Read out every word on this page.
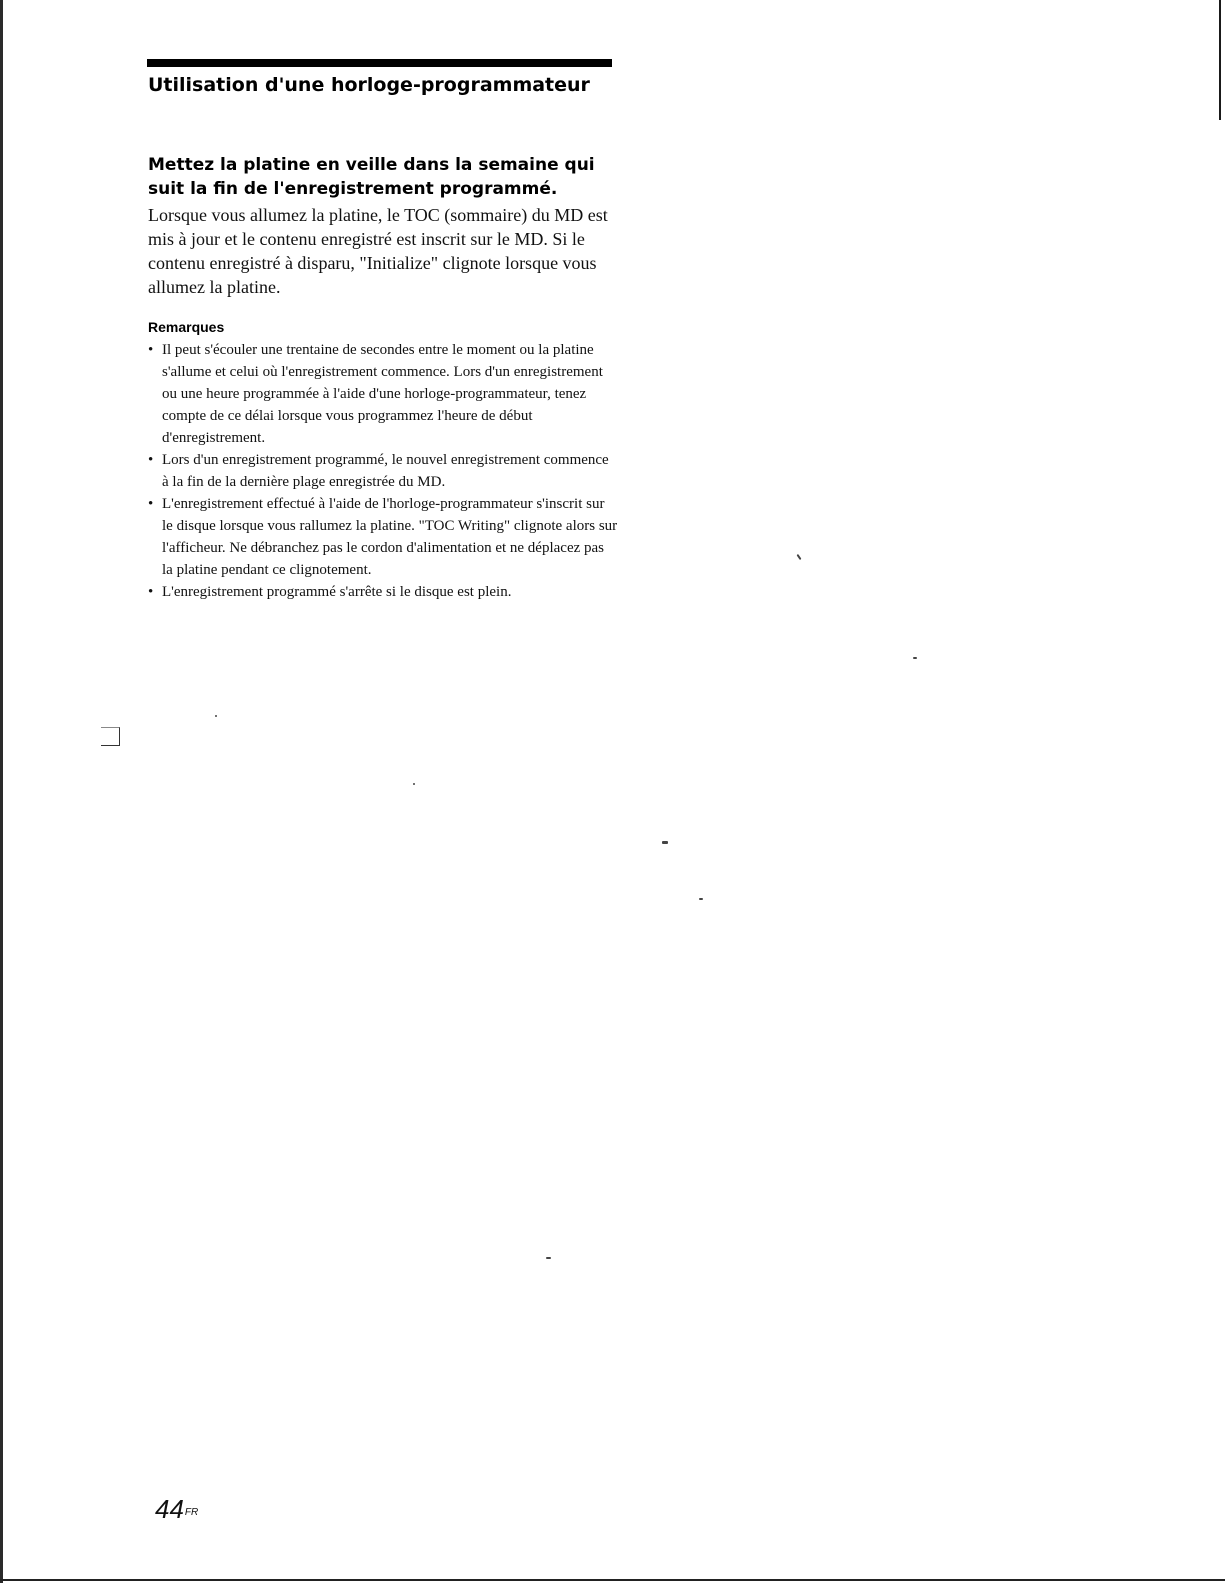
Utilisation d'une horloge-programmateur
Mettez la platine en veille dans la semaine qui suit la fin de l'enregistrement programmé.

Lorsque vous allumez la platine, le TOC (sommaire) du MD est mis à jour et le contenu enregistré est inscrit sur le MD. Si le contenu enregistré à disparu, "Initialize" clignote lorsque vous allumez la platine.

Remarques
• Il peut s'écouler une trentaine de secondes entre le moment ou la platine s'allume et celui où l'enregistrement commence. Lors d'un enregistrement ou une heure programmée à l'aide d'une horloge-programmateur, tenez compte de ce délai lorsque vous programmez l'heure de début d'enregistrement.
• Lors d'un enregistrement programmé, le nouvel enregistrement commence à la fin de la dernière plage enregistrée du MD.
• L'enregistrement effectué à l'aide de l'horloge-programmateur s'inscrit sur le disque lorsque vous rallumez la platine. "TOC Writing" clignote alors sur l'afficheur. Ne débranchez pas le cordon d'alimentation et ne déplacez pas la platine pendant ce clignotement.
• L'enregistrement programmé s'arrête si le disque est plein.
$44^{FR}$
